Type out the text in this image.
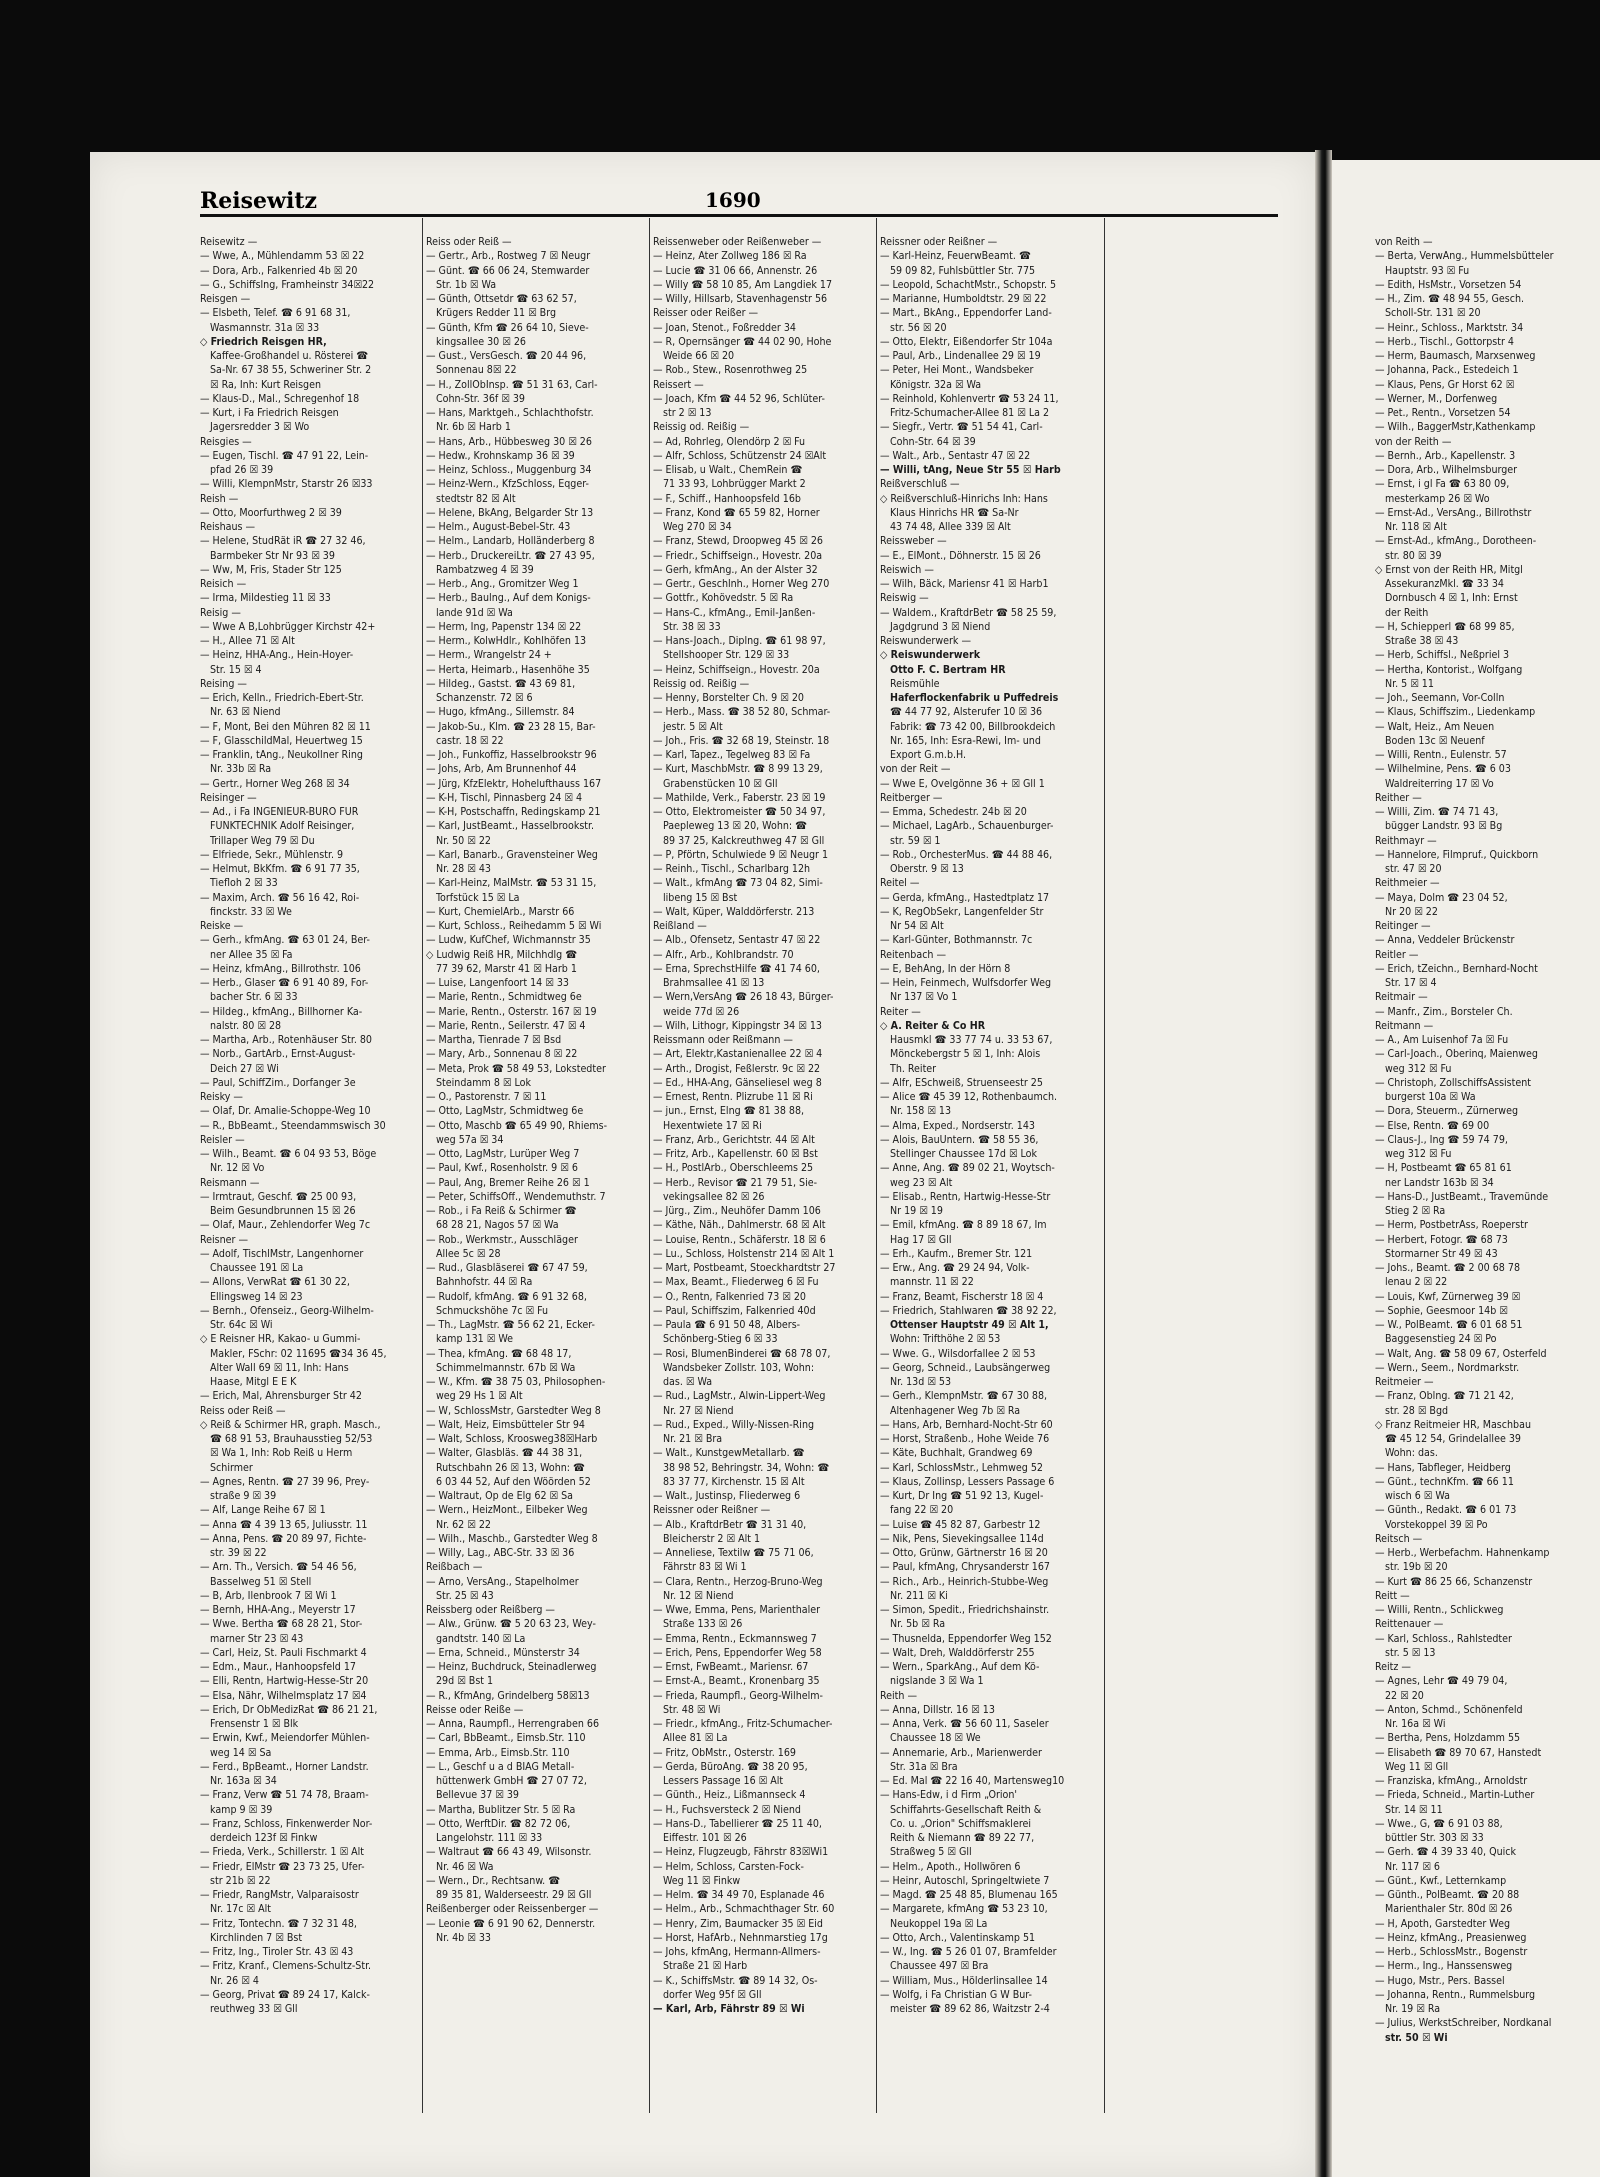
Reisewitz	1690
Reisewitz —
— Wwe, A., Mühlendamm 53 ☒ 22
— Dora, Arb., Falkenried 4b ☒ 20
— G., Schiffslng, Framheinstr 34☒22
Reisgen —
— Elsbeth, Telef. ☎ 6 91 68 31,
Wasmannstr. 31a ☒ 33
◇ Friedrich Reisgen HR,
Kaffee-Großhandel u. Rösterei ☎
Sa-Nr. 67 38 55, Schweriner Str. 2
☒ Ra, Inh: Kurt Reisgen
— Klaus-D., Mal., Schregenhof 18
— Kurt, i Fa Friedrich Reisgen
Jagersredder 3 ☒ Wo
Reisgies —
— Eugen, Tischl. ☎ 47 91 22, Lein-
pfad 26 ☒ 39
— Willi, KlempnMstr, Starstr 26 ☒33
Reish —
— Otto, Moorfurthweg 2 ☒ 39
Reishaus —
— Helene, StudRät iR ☎ 27 32 46,
Barmbeker Str Nr 93 ☒ 39
— Ww, M, Fris, Stader Str 125
Reisich —
— Irma, Mildestieg 11 ☒ 33
Reisig —
— Wwe A B,Lohbrügger Kirchstr 42+
— H., Allee 71 ☒ Alt
— Heinz, HHA-Ang., Hein-Hoyer-
Str. 15 ☒ 4
Reising —
— Erich, Kelln., Friedrich-Ebert-Str.
Nr. 63 ☒ Niend
— F, Mont, Bei den Mühren 82 ☒ 11
— F, GlasschildMal, Heuertweg 15
— Franklin, tAng., Neukollner Ring
Nr. 33b ☒ Ra
— Gertr., Horner Weg 268 ☒ 34
Reisinger —
— Ad., i Fa INGENIEUR-BURO FUR
FUNKTECHNIK Adolf Reisinger,
Trillaper Weg 79 ☒ Du
— Elfriede, Sekr., Mühlenstr. 9
— Helmut, BkKfm. ☎ 6 91 77 35,
Tiefloh 2 ☒ 33
— Maxim, Arch. ☎ 56 16 42, Roi-
finckstr. 33 ☒ We
Reiske —
— Gerh., kfmAng. ☎ 63 01 24, Ber-
ner Allee 35 ☒ Fa
— Heinz, kfmAng., Billrothstr. 106
— Herb., Glaser ☎ 6 91 40 89, For-
bacher Str. 6 ☒ 33
— Hildeg., kfmAng., Billhorner Ka-
nalstr. 80 ☒ 28
— Martha, Arb., Rotenhäuser Str. 80
— Norb., GartArb., Ernst-August-
Deich 27 ☒ Wi
— Paul, SchiffZim., Dorfanger 3e
Reisky —
— Olaf, Dr. Amalie-Schoppe-Weg 10
— R., BbBeamt., Steendammswisch 30
Reisler —
— Wilh., Beamt. ☎ 6 04 93 53, Böge
Nr. 12 ☒ Vo
Reismann —
— Irmtraut, Geschf. ☎ 25 00 93,
Beim Gesundbrunnen 15 ☒ 26
— Olaf, Maur., Zehlendorfer Weg 7c
Reisner —
— Adolf, TischlMstr, Langenhorner
Chaussee 191 ☒ La
— Allons, VerwRat ☎ 61 30 22,
Ellingsweg 14 ☒ 23
— Bernh., Ofenseiz., Georg-Wilhelm-
Str. 64c ☒ Wi
◇ E Reisner HR, Kakao- u Gummi-
Makler, FSchr: 02 11695 ☎34 36 45,
Alter Wall 69 ☒ 11, Inh: Hans
Haase, Mitgl E E K
— Erich, Mal, Ahrensburger Str 42
Reiss oder Reiß —
◇ Reiß & Schirmer HR, graph. Masch.,
☎ 68 91 53, Brauhausstieg 52/53
☒ Wa 1, Inh: Rob Reiß u Herm
Schirmer
— Agnes, Rentn. ☎ 27 39 96, Prey-
straße 9 ☒ 39
— Alf, Lange Reihe 67 ☒ 1
— Anna ☎ 4 39 13 65, Juliusstr. 11
— Anna, Pens. ☎ 20 89 97, Fichte-
str. 39 ☒ 22
— Arn. Th., Versich. ☎ 54 46 56,
Basselweg 51 ☒ Stell
— B, Arb, Ilenbrook 7 ☒ Wi 1
— Bernh, HHA-Ang., Meyerstr 17
— Wwe. Bertha ☎ 68 28 21, Stor-
marner Str 23 ☒ 43
— Carl, Heiz, St. Pauli Fischmarkt 4
— Edm., Maur., Hanhoopsfeld 17
— Elli, Rentn, Hartwig-Hesse-Str 20
— Elsa, Nähr, Wilhelmsplatz 17 ☒4
— Erich, Dr ObMedizRat ☎ 86 21 21,
Frensenstr 1 ☒ Blk
— Erwin, Kwf., Meiendorfer Mühlen-
weg 14 ☒ Sa
— Ferd., BpBeamt., Horner Landstr.
Nr. 163a ☒ 34
— Franz, Verw ☎ 51 74 78, Braam-
kamp 9 ☒ 39
— Franz, Schloss, Finkenwerder Nor-
derdeich 123f ☒ Finkw
— Frieda, Verk., Schillerstr. 1 ☒ Alt
— Friedr, ElMstr ☎ 23 73 25, Ufer-
str 21b ☒ 22
— Friedr, RangMstr, Valparaisostr
Nr. 17c ☒ Alt
— Fritz, Tontechn. ☎ 7 32 31 48,
Kirchlinden 7 ☒ Bst
— Fritz, Ing., Tiroler Str. 43 ☒ 43
— Fritz, Kranf., Clemens-Schultz-Str.
Nr. 26 ☒ 4
— Georg, Privat ☎ 89 24 17, Kalck-
reuthweg 33 ☒ Gll
Reiss oder Reiß —
— Gertr., Arb., Rostweg 7 ☒ Neugr
— Günt. ☎ 66 06 24, Stemwarder
Str. 1b ☒ Wa
— Günth, Ottsetdr ☎ 63 62 57,
Krügers Redder 11 ☒ Brg
— Günth, Kfm ☎ 26 64 10, Sieve-
kingsallee 30 ☒ 26
— Gust., VersGesch. ☎ 20 44 96,
Sonnenau 8☒ 22
— H., ZollObInsp. ☎ 51 31 63, Carl-
Cohn-Str. 36f ☒ 39
— Hans, Marktgeh., Schlachthofstr.
Nr. 6b ☒ Harb 1
— Hans, Arb., Hübbesweg 30 ☒ 26
— Hedw., Krohnskamp 36 ☒ 39
— Heinz, Schloss., Muggenburg 34
— Heinz-Wern., KfzSchloss, Eqger-
stedtstr 82 ☒ Alt
— Helene, BkAng, Belgarder Str 13
— Helm., August-Bebel-Str. 43
— Helm., Landarb, Holländerberg 8
— Herb., DruckereiLtr. ☎ 27 43 95,
Rambatzweg 4 ☒ 39
— Herb., Ang., Gromitzer Weg 1
— Herb., Baulng., Auf dem Konigs-
lande 91d ☒ Wa
— Herm, Ing, Papenstr 134 ☒ 22
— Herm., KolwHdlr., Kohlhöfen 13
— Herm., Wrangelstr 24 +
— Herta, Heimarb., Hasenhöhe 35
— Hildeg., Gastst. ☎ 43 69 81,
Schanzenstr. 72 ☒ 6
— Hugo, kfmAng., Sillemstr. 84
— Jakob-Su., Klm. ☎ 23 28 15, Bar-
castr. 18 ☒ 22
— Joh., Funkoffiz, Hasselbrookstr 96
— Johs, Arb, Am Brunnenhof 44
— Jürg, KfzElektr, Hohelufthauss 167
— K-H, Tischl, Pinnasberg 24 ☒ 4
— K-H, Postschaffn, Redingskamp 21
— Karl, JustBeamt., Hasselbrookstr.
Nr. 50 ☒ 22
— Karl, Banarb., Gravensteiner Weg
Nr. 28 ☒ 43
— Karl-Heinz, MalMstr. ☎ 53 31 15,
Torfstück 15 ☒ La
— Kurt, ChemielArb., Marstr 66
— Kurt, Schloss., Reihedamm 5 ☒ Wi
— Ludw, KufChef, Wichmannstr 35
◇ Ludwig Reiß HR, Milchhdlg ☎
77 39 62, Marstr 41 ☒ Harb 1
— Luise, Langenfoort 14 ☒ 33
— Marie, Rentn., Schmidtweg 6e
— Marie, Rentn., Osterstr. 167 ☒ 19
— Marie, Rentn., Seilerstr. 47 ☒ 4
— Martha, Tienrade 7 ☒ Bsd
— Mary, Arb., Sonnenau 8 ☒ 22
— Meta, Prok ☎ 58 49 53, Lokstedter
Steindamm 8 ☒ Lok
— O., Pastorenstr. 7 ☒ 11
— Otto, LagMstr, Schmidtweg 6e
— Otto, Maschb ☎ 65 49 90, Rhiems-
weg 57a ☒ 34
— Otto, LagMstr, Lurüper Weg 7
— Paul, Kwf., Rosenholstr. 9 ☒ 6
— Paul, Ang, Bremer Reihe 26 ☒ 1
— Peter, SchiffsOff., Wendemuthstr. 7
— Rob., i Fa Reiß & Schirmer ☎
68 28 21, Nagos 57 ☒ Wa
— Rob., Werkmstr., Ausschläger
Allee 5c ☒ 28
— Rud., Glasbläserei ☎ 67 47 59,
Bahnhofstr. 44 ☒ Ra
— Rudolf, kfmAng. ☎ 6 91 32 68,
Schmuckshöhe 7c ☒ Fu
— Th., LagMstr. ☎ 56 62 21, Ecker-
kamp 131 ☒ We
— Thea, kfmAng. ☎ 68 48 17,
Schimmelmannstr. 67b ☒ Wa
— W., Kfm. ☎ 38 75 03, Philosophen-
weg 29 Hs 1 ☒ Alt
— W, SchlossMstr, Garstedter Weg 8
— Walt, Heiz, Eimsbütteler Str 94
— Walt, Schloss, Kroosweg38☒Harb
— Walter, Glasbläs. ☎ 44 38 31,
Rutschbahn 26 ☒ 13, Wohn: ☎
6 03 44 52, Auf den Wöörden 52
— Waltraut, Op de Elg 62 ☒ Sa
— Wern., HeizMont., Eilbeker Weg
Nr. 62 ☒ 22
— Wilh., Maschb., Garstedter Weg 8
— Willy, Lag., ABC-Str. 33 ☒ 36
Reißbach —
— Arno, VersAng., Stapelholmer
Str. 25 ☒ 43
Reissberg oder Reißberg —
— Alw., Grünw. ☎ 5 20 63 23, Wey-
gandtstr. 140 ☒ La
— Erna, Schneid., Münsterstr 34
— Heinz, Buchdruck, Steinadlerweg
29d ☒ Bst 1
— R., KfmAng, Grindelberg 58☒13
Reisse oder Reiße —
— Anna, Raumpfl., Herrengraben 66
— Carl, BbBeamt., Eimsb.Str. 110
— Emma, Arb., Eimsb.Str. 110
— L., Geschf u a d BIAG Metall-
hüttenwerk GmbH ☎ 27 07 72,
Bellevue 37 ☒ 39
— Martha, Bublitzer Str. 5 ☒ Ra
— Otto, WerftDir. ☎ 82 72 06,
Langelohstr. 111 ☒ 33
— Waltraut ☎ 66 43 49, Wilsonstr.
Nr. 46 ☒ Wa
— Wern., Dr., Rechtsanw. ☎
89 35 81, Walderseestr. 29 ☒ Gll
Reißenberger oder Reissenberger —
— Leonie ☎ 6 91 90 62, Dennerstr.
Nr. 4b ☒ 33
Reissenweber oder Reißenweber —
— Heinz, Ater Zollweg 186 ☒ Ra
— Lucie ☎ 31 06 66, Annenstr. 26
— Willy ☎ 58 10 85, Am Langdiek 17
— Willy, Hillsarb, Stavenhagenstr 56
Reisser oder Reißer —
— Joan, Stenot., Foßredder 34
— R, Opernsänger ☎ 44 02 90, Hohe
Weide 66 ☒ 20
— Rob., Stew., Rosenrothweg 25
Reissert —
— Joach, Kfm ☎ 44 52 96, Schlüter-
str 2 ☒ 13
Reissig od. Reißig —
— Ad, Rohrleg, Olendörp 2 ☒ Fu
— Alfr, Schloss, Schützenstr 24 ☒Alt
— Elisab, u Walt., ChemRein ☎
71 33 93, Lohbrügger Markt 2
— F., Schiff., Hanhoopsfeld 16b
— Franz, Kond ☎ 65 59 82, Horner
Weg 270 ☒ 34
— Franz, Stewd, Droopweg 45 ☒ 26
— Friedr., Schiffseign., Hovestr. 20a
— Gerh, kfmAng., An der Alster 32
— Gertr., Geschlnh., Horner Weg 270
— Gottfr., Kohövedstr. 5 ☒ Ra
— Hans-C., kfmAng., Emil-Janßen-
Str. 38 ☒ 33
— Hans-Joach., Diplng. ☎ 61 98 97,
Stellshooper Str. 129 ☒ 33
— Heinz, Schiffseign., Hovestr. 20a
Reissig od. Reißig —
— Henny, Borstelter Ch. 9 ☒ 20
— Herb., Mass. ☎ 38 52 80, Schmar-
jestr. 5 ☒ Alt
— Joh., Fris. ☎ 32 68 19, Steinstr. 18
— Karl, Tapez., Tegelweg 83 ☒ Fa
— Kurt, MaschbMstr. ☎ 8 99 13 29,
Grabenstücken 10 ☒ Gll
— Mathilde, Verk., Faberstr. 23 ☒ 19
— Otto, Elektromeister ☎ 50 34 97,
Paepleweg 13 ☒ 20, Wohn: ☎
89 37 25, Kalckreuthweg 47 ☒ Gll
— P, Pförtn, Schulwiede 9 ☒ Neugr 1
— Reinh., Tischl., Scharlbarg 12h
— Walt., kfmAng ☎ 73 04 82, Simi-
libeng 15 ☒ Bst
— Walt, Küper, Walddörferstr. 213
Reißland —
— Alb., Ofensetz, Sentastr 47 ☒ 22
— Alfr., Arb., Kohlbrandstr. 70
— Erna, SprechstHilfe ☎ 41 74 60,
Brahmsallee 41 ☒ 13
— Wern,VersAng ☎ 26 18 43, Bürger-
weide 77d ☒ 26
— Wilh, Lithogr, Kippingstr 34 ☒ 13
Reissmann oder Reißmann —
— Art, Elektr,Kastanienallee 22 ☒ 4
— Arth., Drogist, Feßlerstr. 9c ☒ 22
— Ed., HHA-Ang, Gänseliesel weg 8
— Ernest, Rentn. Plizrube 11 ☒ Ri
— jun., Ernst, Elng ☎ 81 38 88,
Hexentwiete 17 ☒ Ri
— Franz, Arb., Gerichtstr. 44 ☒ Alt
— Fritz, Arb., Kapellenstr. 60 ☒ Bst
— H., PostlArb., Oberschleems 25
— Herb., Revisor ☎ 21 79 51, Sie-
vekingsallee 82 ☒ 26
— Jürg., Zim., Neuhöfer Damm 106
— Käthe, Näh., Dahlmerstr. 68 ☒ Alt
— Louise, Rentn., Schäferstr. 18 ☒ 6
— Lu., Schloss, Holstenstr 214 ☒ Alt 1
— Mart, Postbeamt, Stoeckhardtstr 27
— Max, Beamt., Fliederweg 6 ☒ Fu
— O., Rentn, Falkenried 73 ☒ 20
— Paul, Schiffszim, Falkenried 40d
— Paula ☎ 6 91 50 48, Albers-
Schönberg-Stieg 6 ☒ 33
— Rosi, BlumenBinderei ☎ 68 78 07,
Wandsbeker Zollstr. 103, Wohn:
das. ☒ Wa
— Rud., LagMstr., Alwin-Lippert-Weg
Nr. 27 ☒ Niend
— Rud., Exped., Willy-Nissen-Ring
Nr. 21 ☒ Bra
— Walt., KunstgewMetallarb. ☎
38 98 52, Behringstr. 34, Wohn: ☎
83 37 77, Kirchenstr. 15 ☒ Alt
— Walt., Justinsp, Fliederweg 6
Reissner oder Reißner —
— Alb., KraftdrBetr ☎ 31 31 40,
Bleicherstr 2 ☒ Alt 1
— Anneliese, Textilw ☎ 75 71 06,
Fährstr 83 ☒ Wi 1
— Clara, Rentn., Herzog-Bruno-Weg
Nr. 12 ☒ Niend
— Wwe, Emma, Pens, Marienthaler
Straße 133 ☒ 26
— Emma, Rentn., Eckmannsweg 7
— Erich, Pens, Eppendorfer Weg 58
— Ernst, FwBeamt., Mariensr. 67
— Ernst-A., Beamt., Kronenbarg 35
— Frieda, Raumpfl., Georg-Wilhelm-
Str. 48 ☒ Wi
— Friedr., kfmAng., Fritz-Schumacher-
Allee 81 ☒ La
— Fritz, ObMstr., Osterstr. 169
— Gerda, BüroAng. ☎ 38 20 95,
Lessers Passage 16 ☒ Alt
— Günth., Heiz., Lißmannseck 4
— H., Fuchsversteck 2 ☒ Niend
— Hans-D., Tabellierer ☎ 25 11 40,
Eiffestr. 101 ☒ 26
— Heinz, Flugzeugb, Fährstr 83☒Wi1
— Helm, Schloss, Carsten-Fock-
Weg 11 ☒ Finkw
— Helm. ☎ 34 49 70, Esplanade 46
— Helm., Arb., Schmachthager Str. 60
— Henry, Zim, Baumacker 35 ☒ Eid
— Horst, HafArb., Nehnmarstieg 17g
— Johs, kfmAng, Hermann-Allmers-
Straße 21 ☒ Harb
— K., SchiffsMstr. ☎ 89 14 32, Os-
dorfer Weg 95f ☒ Gll
— Karl, Arb, Fährstr 89 ☒ Wi
Reissner oder Reißner —
— Karl-Heinz, FeuerwBeamt. ☎
59 09 82, Fuhlsbüttler Str. 775
— Leopold, SchachtMstr., Schopstr. 5
— Marianne, Humboldtstr. 29 ☒ 22
— Mart., BkAng., Eppendorfer Land-
str. 56 ☒ 20
— Otto, Elektr, Eißendorfer Str 104a
— Paul, Arb., Lindenallee 29 ☒ 19
— Peter, Hei Mont., Wandsbeker
Königstr. 32a ☒ Wa
— Reinhold, Kohlenvertr ☎ 53 24 11,
Fritz-Schumacher-Allee 81 ☒ La 2
— Siegfr., Vertr. ☎ 51 54 41, Carl-
Cohn-Str. 64 ☒ 39
— Walt., Arb., Sentastr 47 ☒ 22
— Willi, tAng, Neue Str 55 ☒ Harb
Reißverschluß —
◇ Reißverschluß-Hinrichs Inh: Hans
Klaus Hinrichs HR ☎ Sa-Nr
43 74 48, Allee 339 ☒ Alt
Reissweber —
— E., ElMont., Döhnerstr. 15 ☒ 26
Reiswich —
— Wilh, Bäck, Mariensr 41 ☒ Harb1
Reiswig —
— Waldem., KraftdrBetr ☎ 58 25 59,
Jagdgrund 3 ☒ Niend
Reiswunderwerk —
◇ Reiswunderwerk
Otto F. C. Bertram HR
Reismühle
Haferflockenfabrik u Puffedreis
☎ 44 77 92, Alsterufer 10 ☒ 36
Fabrik: ☎ 73 42 00, Billbrookdeich
Nr. 165, Inh: Esra-Rewi, Im- und
Export G.m.b.H.
von der Reit —
— Wwe E, Ovelgönne 36 + ☒ Gll 1
Reitberger —
— Emma, Schedestr. 24b ☒ 20
— Michael, LagArb., Schauenburger-
str. 59 ☒ 1
— Rob., OrchesterMus. ☎ 44 88 46,
Oberstr. 9 ☒ 13
Reitel —
— Gerda, kfmAng., Hastedtplatz 17
— K, RegObSekr, Langenfelder Str
Nr 54 ☒ Alt
— Karl-Günter, Bothmannstr. 7c
Reitenbach —
— E, BehAng, In der Hörn 8
— Hein, Feinmech, Wulfsdorfer Weg
Nr 137 ☒ Vo 1
Reiter —
◇ A. Reiter & Co HR
Hausmkl ☎ 33 77 74 u. 33 53 67,
Mönckebergstr 5 ☒ 1, Inh: Alois
Th. Reiter
— Alfr, ESchweiß, Struenseestr 25
— Alice ☎ 45 39 12, Rothenbaumch.
Nr. 158 ☒ 13
— Alma, Exped., Nordserstr. 143
— Alois, BauUntern. ☎ 58 55 36,
Stellinger Chaussee 17d ☒ Lok
— Anne, Ang. ☎ 89 02 21, Woytsch-
weg 23 ☒ Alt
— Elisab., Rentn, Hartwig-Hesse-Str
Nr 19 ☒ 19
— Emil, kfmAng. ☎ 8 89 18 67, Im
Hag 17 ☒ Gll
— Erh., Kaufm., Bremer Str. 121
— Erw., Ang. ☎ 29 24 94, Volk-
mannstr. 11 ☒ 22
— Franz, Beamt, Fischerstr 18 ☒ 4
— Friedrich, Stahlwaren ☎ 38 92 22,
Ottenser Hauptstr 49 ☒ Alt 1,
Wohn: Trifthöhe 2 ☒ 53
— Wwe. G., Wilsdorfallee 2 ☒ 53
— Georg, Schneid., Laubsängerweg
Nr. 13d ☒ 53
— Gerh., KlempnMstr. ☎ 67 30 88,
Altenhagener Weg 7b ☒ Ra
— Hans, Arb, Bernhard-Nocht-Str 60
— Horst, Straßenb., Hohe Weide 76
— Käte, Buchhalt, Grandweg 69
— Karl, SchlossMstr., Lehmweg 52
— Klaus, Zollinsp, Lessers Passage 6
— Kurt, Dr Ing ☎ 51 92 13, Kugel-
fang 22 ☒ 20
— Luise ☎ 45 82 87, Garbestr 12
— Nik, Pens, Sievekingsallee 114d
— Otto, Grünw, Gärtnerstr 16 ☒ 20
— Paul, kfmAng, Chrysanderstr 167
— Rich., Arb., Heinrich-Stubbe-Weg
Nr. 211 ☒ Ki
— Simon, Spedit., Friedrichshainstr.
Nr. 5b ☒ Ra
— Thusnelda, Eppendorfer Weg 152
— Walt, Dreh, Walddörferstr 255
— Wern., SparkAng., Auf dem Kö-
nigslande 3 ☒ Wa 1
Reith —
— Anna, Dillstr. 16 ☒ 13
— Anna, Verk. ☎ 56 60 11, Saseler
Chaussee 18 ☒ We
— Annemarie, Arb., Marienwerder
Str. 31a ☒ Bra
— Ed. Mal ☎ 22 16 40, Martensweg10
— Hans-Edw, i d Firm „Orion'
Schiffahrts-Gesellschaft Reith &
Co. u. „Orion" Schiffsmaklerei
Reith & Niemann ☎ 89 22 77,
Straßweg 5 ☒ Gll
— Helm., Apoth., Hollwören 6
— Heinr, Autoschl, Springeltwiete 7
— Magd. ☎ 25 48 85, Blumenau 165
— Margarete, kfmAng ☎ 53 23 10,
Neukoppel 19a ☒ La
— Otto, Arch., Valentinskamp 51
— W., Ing. ☎ 5 26 01 07, Bramfelder
Chaussee 497 ☒ Bra
— William, Mus., Hölderlinsallee 14
— Wolfg, i Fa Christian G W Bur-
meister ☎ 89 62 86, Waitzstr 2-4
von Reith —
— Berta, VerwAng., Hummelsbütteler
Hauptstr. 93 ☒ Fu
— Edith, HsMstr., Vorsetzen 54
— H., Zim. ☎ 48 94 55, Gesch.
Scholl-Str. 131 ☒ 20
— Heinr., Schloss., Marktstr. 34
— Herb., Tischl., Gottorpstr 4
— Herm, Baumasch, Marxsenweg
— Johanna, Pack., Estedeich 1
— Klaus, Pens, Gr Horst 62 ☒
— Werner, M., Dorfenweg
— Pet., Rentn., Vorsetzen 54
— Wilh., BaggerMstr,Kathenkamp
von der Reith —
— Bernh., Arb., Kapellenstr. 3
— Dora, Arb., Wilhelmsburger
— Ernst, i gl Fa ☎ 63 80 09,
mesterkamp 26 ☒ Wo
— Ernst-Ad., VersAng., Billrothstr
Nr. 118 ☒ Alt
— Ernst-Ad., kfmAng., Dorotheen-
str. 80 ☒ 39
◇ Ernst von der Reith HR, Mitgl
AssekuranzMkl. ☎ 33 34
Dornbusch 4 ☒ 1, Inh: Ernst
der Reith
— H, Schiepperl ☎ 68 99 85,
Straße 38 ☒ 43
— Herb, Schiffsl., Neßpriel 3
— Hertha, Kontorist., Wolfgang
Nr. 5 ☒ 11
— Joh., Seemann, Vor-Colln
— Klaus, Schiffszim., Liedenkamp
— Walt, Heiz., Am Neuen
Boden 13c ☒ Neuenf
— Willi, Rentn., Eulenstr. 57
— Wilhelmine, Pens. ☎ 6 03
Waldreiterring 17 ☒ Vo
Reither —
— Willi, Zim. ☎ 74 71 43,
bügger Landstr. 93 ☒ Bg
Reithmayr —
— Hannelore, Filmpruf., Quickborn
str. 47 ☒ 20
Reithmeier —
— Maya, Dolm ☎ 23 04 52,
Nr 20 ☒ 22
Reitinger —
— Anna, Veddeler Brückenstr
Reitler —
— Erich, tZeichn., Bernhard-Nocht
Str. 17 ☒ 4
Reitmair —
— Manfr., Zim., Borsteler Ch.
Reitmann —
— A., Am Luisenhof 7a ☒ Fu
— Carl-Joach., Oberinq, Maienweg
weg 312 ☒ Fu
— Christoph, ZollschiffsAssistent
burgerst 10a ☒ Wa
— Dora, Steuerm., Zürnerweg
— Else, Rentn. ☎ 69 00
— Claus-J., Ing ☎ 59 74 79,
weg 312 ☒ Fu
— H, Postbeamt ☎ 65 81 61
ner Landstr 163b ☒ 34
— Hans-D., JustBeamt., Travemünde
Stieg 2 ☒ Ra
— Herm, PostbetrAss, Roeperstr
— Herbert, Fotogr. ☎ 68 73
Stormarner Str 49 ☒ 43
— Johs., Beamt. ☎ 2 00 68 78
lenau 2 ☒ 22
— Louis, Kwf, Zürnerweg 39 ☒
— Sophie, Geesmoor 14b ☒
— W., PolBeamt. ☎ 6 01 68 51
Baggesenstieg 24 ☒ Po
— Walt, Ang. ☎ 58 09 67, Osterfeld
— Wern., Seem., Nordmarkstr.
Reitmeier —
— Franz, Oblng. ☎ 71 21 42,
str. 28 ☒ Bgd
◇ Franz Reitmeier HR, Maschbau
☎ 45 12 54, Grindelallee 39
Wohn: das.
— Hans, Tabfleger, Heidberg
— Günt., technKfm. ☎ 66 11
wisch 6 ☒ Wa
— Günth., Redakt. ☎ 6 01 73
Vorstekoppel 39 ☒ Po
Reitsch —
— Herb., Werbefachm. Hahnenkamp
str. 19b ☒ 20
— Kurt ☎ 86 25 66, Schanzenstr
Reitt —
— Willi, Rentn., Schlickweg
Reittenauer —
— Karl, Schloss., Rahlstedter
str. 5 ☒ 13
Reitz —
— Agnes, Lehr ☎ 49 79 04,
22 ☒ 20
— Anton, Schmd., Schönenfeld
Nr. 16a ☒ Wi
— Bertha, Pens, Holzdamm 55
— Elisabeth ☎ 89 70 67, Hanstedt
Weg 11 ☒ Gll
— Franziska, kfmAng., Arnoldstr
— Frieda, Schneid., Martin-Luther
Str. 14 ☒ 11
— Wwe., G, ☎ 6 91 03 88,
büttler Str. 303 ☒ 33
— Gerh. ☎ 4 39 33 40, Quick
Nr. 117 ☒ 6
— Günt., Kwf., Letternkamp
— Günth., PolBeamt. ☎ 20 88
Marienthaler Str. 80d ☒ 26
— H, Apoth, Garstedter Weg
— Heinz, kfmAng., Preasienweg
— Herb., SchlossMstr., Bogenstr
— Herm., Ing., Hanssensweg
— Hugo, Mstr., Pers. Bassel
— Johanna, Rentn., Rummelsburg
Nr. 19 ☒ Ra
— Julius, WerkstSchreiber, Nordkanal
str. 50 ☒ Wi
